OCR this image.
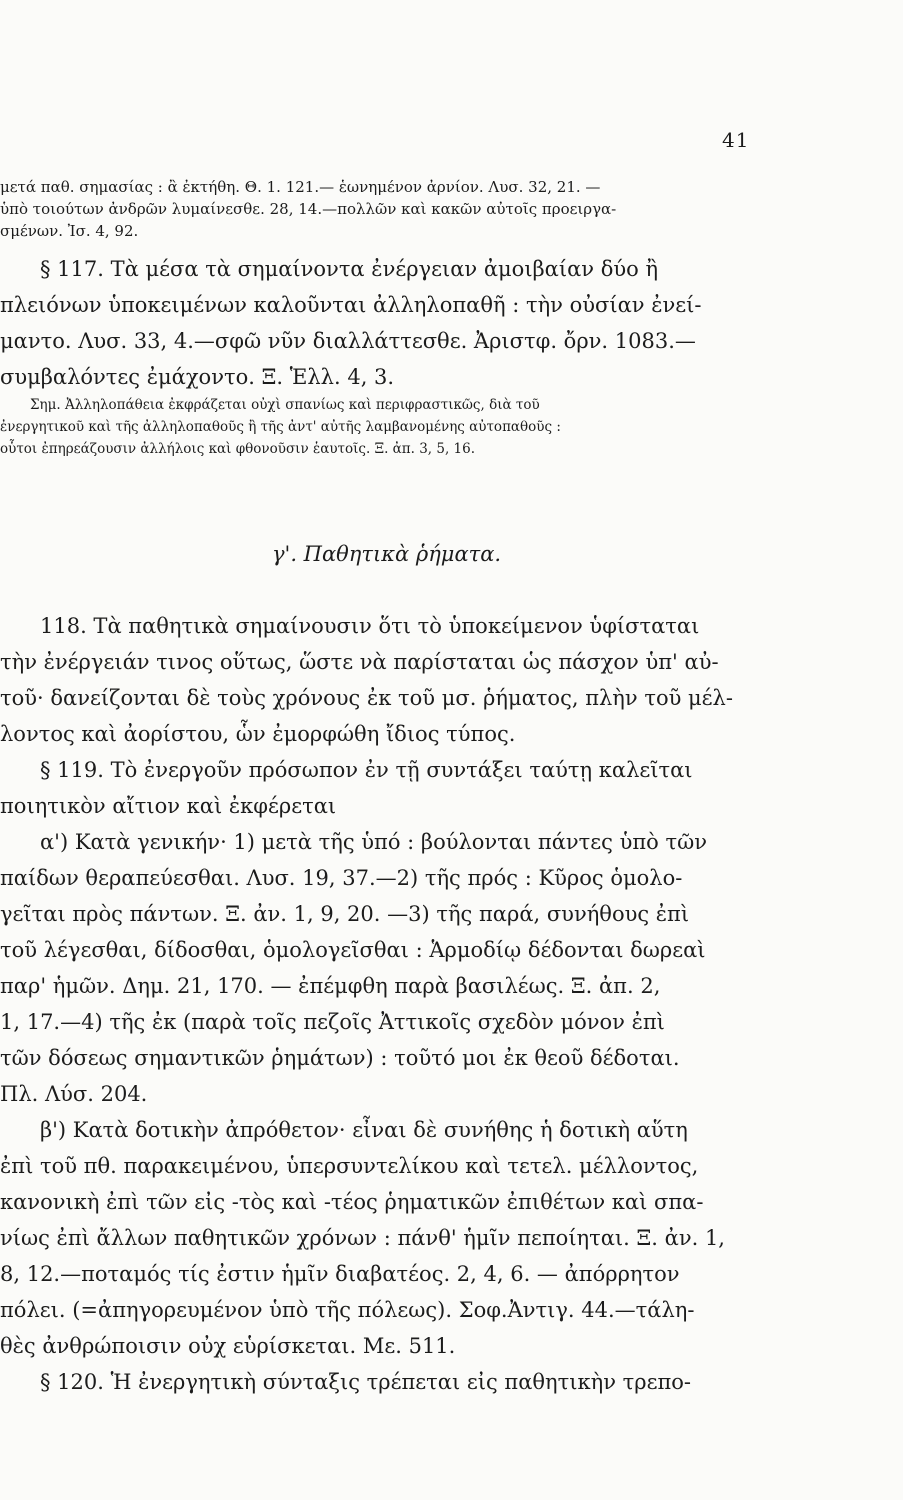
41
μετά παθ. σημασίας : ἂ ἐκτήθη. Θ. 1. 121.— ἑωνημένον ἀρνίον. Λυσ. 32, 21. —
ὑπὸ τοιούτων ἀνδρῶν λυμαίνεσθε. 28, 14.—πολλῶν καὶ κακῶν αὐτοῖς προειργα-
σμένων. Ἰσ. 4, 92.
§ 117. Τὰ μέσα τὰ σημαίνοντα ἐνέργειαν ἀμοιβαίαν δύο ἢ
πλειόνων ὑποκειμένων καλοῦνται ἀλληλοπαθῆ : τὴν οὐσίαν ἐνεί-
μαντο. Λυσ. 33, 4.—σφῶ νῦν διαλλάττεσθε. Ἀριστφ. ὄρν. 1083.—
συμβαλόντες ἐμάχοντο. Ξ. Ἑλλ. 4, 3.
Σημ. Ἀλληλοπάθεια ἐκφράζεται οὐχὶ σπανίως καὶ περιφραστικῶς, διὰ τοῦ
ἐνεργητικοῦ καὶ τῆς ἀλληλοπαθοῦς ἢ τῆς ἀντ' αὐτῆς λαμβανομένης αὐτοπαθοῦς :
οὗτοι ἐπηρεάζουσιν ἀλλήλοις καὶ φθονοῦσιν ἑαυτοῖς. Ξ. ἀπ. 3, 5, 16.
γ'. Παθητικὰ ῥήματα.
118. Τὰ παθητικὰ σημαίνουσιν ὅτι τὸ ὑποκείμενον ὑφίσταται
τὴν ἐνέργειάν τινος οὕτως, ὥστε νὰ παρίσταται ὡς πάσχον ὑπ' αὐ-
τοῦ· δανείζονται δὲ τοὺς χρόνους ἐκ τοῦ μσ. ῥήματος, πλὴν τοῦ μέλ-
λοντος καὶ ἀορίστου, ὧν ἐμορφώθη ἴδιος τύπος.
§ 119. Τὸ ἐνεργοῦν πρόσωπον ἐν τῇ συντάξει ταύτῃ καλεῖται
ποιητικὸν αἴτιον καὶ ἐκφέρεται
α') Κατὰ γενικήν· 1) μετὰ τῆς ὑπό : βούλονται πάντες ὑπὸ τῶν
παίδων θεραπεύεσθαι. Λυσ. 19, 37.—2) τῆς πρός : Κῦρος ὁμολο-
γεῖται πρὸς πάντων. Ξ. ἀν. 1, 9, 20. —3) τῆς παρά, συνήθους ἐπὶ
τοῦ λέγεσθαι, δίδοσθαι, ὁμολογεῖσθαι : Ἁρμοδίῳ δέδονται δωρεαὶ
παρ' ἡμῶν. Δημ. 21, 170. — ἐπέμφθη παρὰ βασιλέως. Ξ. ἀπ. 2,
1, 17.—4) τῆς ἐκ (παρὰ τοῖς πεζοῖς Ἀττικοῖς σχεδὸν μόνον ἐπὶ
τῶν δόσεως σημαντικῶν ῥημάτων) : τοῦτό μοι ἐκ θεοῦ δέδοται.
Πλ. Λύσ. 204.
β') Κατὰ δοτικὴν ἀπρόθετον· εἶναι δὲ συνήθης ἡ δοτικὴ αὕτη
ἐπὶ τοῦ πθ. παρακειμένου, ὑπερσυντελίκου καὶ τετελ. μέλλοντος,
κανονικὴ ἐπὶ τῶν εἰς -τὸς καὶ -τέος ῥηματικῶν ἐπιθέτων καὶ σπα-
νίως ἐπὶ ἄλλων παθητικῶν χρόνων : πάνθ' ἡμῖν πεποίηται. Ξ. ἀν. 1,
8, 12.—ποταμός τίς ἐστιν ἡμῖν διαβατέος. 2, 4, 6. — ἀπόρρητον
πόλει. (=ἀπηγορευμένον ὑπὸ τῆς πόλεως). Σοφ.Ἀντιγ. 44.—τάλη-
θὲς ἀνθρώποισιν οὐχ εὑρίσκεται. Με. 511.
§ 120. Ἡ ἐνεργητικὴ σύνταξις τρέπεται εἰς παθητικὴν τρεπο-
